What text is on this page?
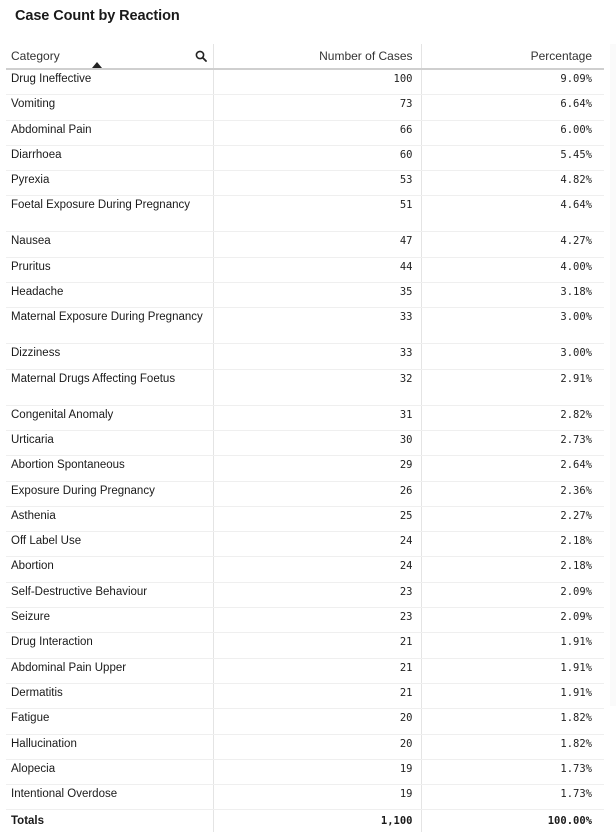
Case Count by Reaction
Category	Number of Cases	Percentage
Drug Ineffective	100	9.09%
Vomiting	73	6.64%
Abdominal Pain	66	6.00%
Diarrhoea	60	5.45%
Pyrexia	53	4.82%
Foetal Exposure During Pregnancy	51	4.64%
Nausea	47	4.27%
Pruritus	44	4.00%
Headache	35	3.18%
Maternal Exposure During Pregnancy	33	3.00%
Dizziness	33	3.00%
Maternal Drugs Affecting Foetus	32	2.91%
Congenital Anomaly	31	2.82%
Urticaria	30	2.73%
Abortion Spontaneous	29	2.64%
Exposure During Pregnancy	26	2.36%
Asthenia	25	2.27%
Off Label Use	24	2.18%
Abortion	24	2.18%
Self-Destructive Behaviour	23	2.09%
Seizure	23	2.09%
Drug Interaction	21	1.91%
Abdominal Pain Upper	21	1.91%
Dermatitis	21	1.91%
Fatigue	20	1.82%
Hallucination	20	1.82%
Alopecia	19	1.73%
Intentional Overdose	19	1.73%
Totals	1,100	100.00%
